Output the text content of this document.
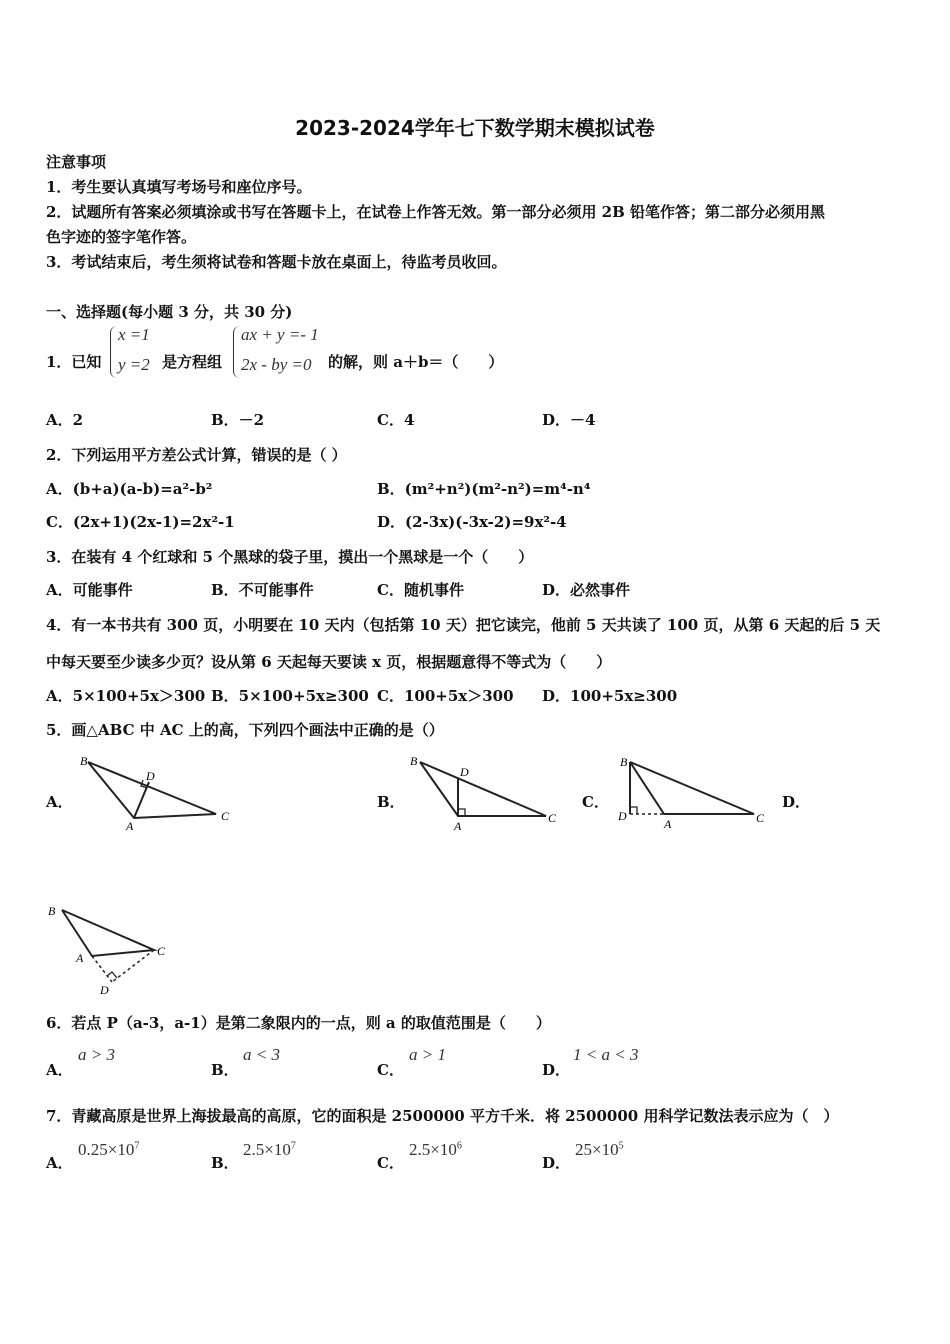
2023-2024学年七下数学期末模拟试卷
注意事项
1．考生要认真填写考场号和座位序号。
2．试题所有答案必须填涂或书写在答题卡上，在试卷上作答无效。第一部分必须用 2B 铅笔作答；第二部分必须用黑
色字迹的签字笔作答。
3．考试结束后，考生须将试卷和答题卡放在桌面上，待监考员收回。
一、选择题(每小题 3 分，共 30 分)
1．已知
x =1
y =2 是方程组
ax + y =- 1
2x - by =0 的解，则 a＋b＝（　　）
A．2	B．－2	C．4	D．－4
2．下列运用平方差公式计算，错误的是（ ）
A．(b+a)(a-b)=a²-b²	B．(m²+n²)(m²-n²)=m⁴-n⁴
C．(2x+1)(2x-1)=2x²-1	D．(2-3x)(-3x-2)=9x²-4
3．在装有 4 个红球和 5 个黑球的袋子里，摸出一个黑球是一个（　　）
A．可能事件	B．不可能事件	C．随机事件	D．必然事件
4．有一本书共有 300 页，小明要在 10 天内（包括第 10 天）把它读完，他前 5 天共读了 100 页，从第 6 天起的后 5 天
中每天要至少读多少页？设从第 6 天起每天要读 x 页，根据题意得不等式为（　　）
A．5×100+5x＞300 B．5×100+5x≥300 C．100+5x＞300 D．100+5x≥300
5．画△ABC 中 AC 上的高，下列四个画法中正确的是（）
A．
B
D
A
C
B．
B
D
A
C
C．
B
D
A	C
D．
B
A	C
D
6．若点 P（a-3，a-1）是第二象限内的一点，则 a 的取值范围是（　　）
A．
a > 3
B．
a < 3
C．
a > 1
D．
1 < a < 3
7．青藏高原是世界上海拔最高的高原，它的面积是 2500000 平方千米．将 2500000 用科学记数法表示应为（　）
A．
$0.25\times 10^7$
B．
$2.5\times 10^7$
C．
$2.5\times 10^6$
D．
$25\times 10^5$
